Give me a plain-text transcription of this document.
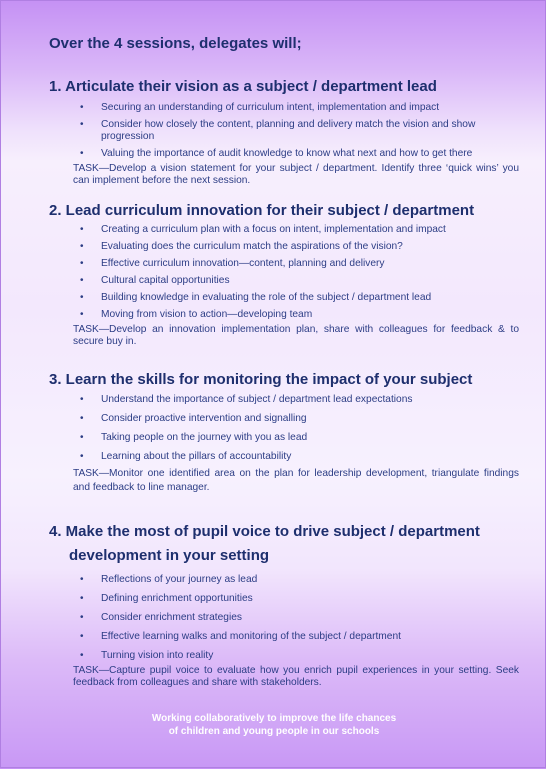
Over the 4 sessions, delegates will;

1. Articulate their vision as a subject / department lead
• Securing an understanding of curriculum intent, implementation and impact
• Consider how closely the content, planning and delivery match the vision and show progression
• Valuing the importance of audit knowledge to know what next and how to get there

TASK—Develop a vision statement for your subject / department. Identify three ‘quick wins’ you can implement before the next session.

2. Lead curriculum innovation for their subject / department
• Creating a curriculum plan with a focus on intent, implementation and impact
• Evaluating does the curriculum match the aspirations of the vision?
• Effective curriculum innovation—content, planning and delivery
• Cultural capital opportunities
• Building knowledge in evaluating the role of the subject / department lead
• Moving from vision to action—developing team

TASK—Develop an innovation implementation plan, share with colleagues for feedback & to secure buy in.

3. Learn the skills for monitoring the impact of your subject
• Understand the importance of subject / department lead expectations
• Consider proactive intervention and signalling
• Taking people on the journey with you as lead
• Learning about the pillars of accountability

TASK—Monitor one identified area on the plan for leadership development, triangulate findings and feedback to line manager.

4. Make the most of pupil voice to drive subject / department development in your setting
• Reflections of your journey as lead
• Defining enrichment opportunities
• Consider enrichment strategies
• Effective learning walks and monitoring of the subject / department
• Turning vision into reality

TASK—Capture pupil voice to evaluate how you enrich pupil experiences in your setting. Seek feedback from colleagues and share with stakeholders.

Working collaboratively to improve the life chances
of children and young people in our schools
